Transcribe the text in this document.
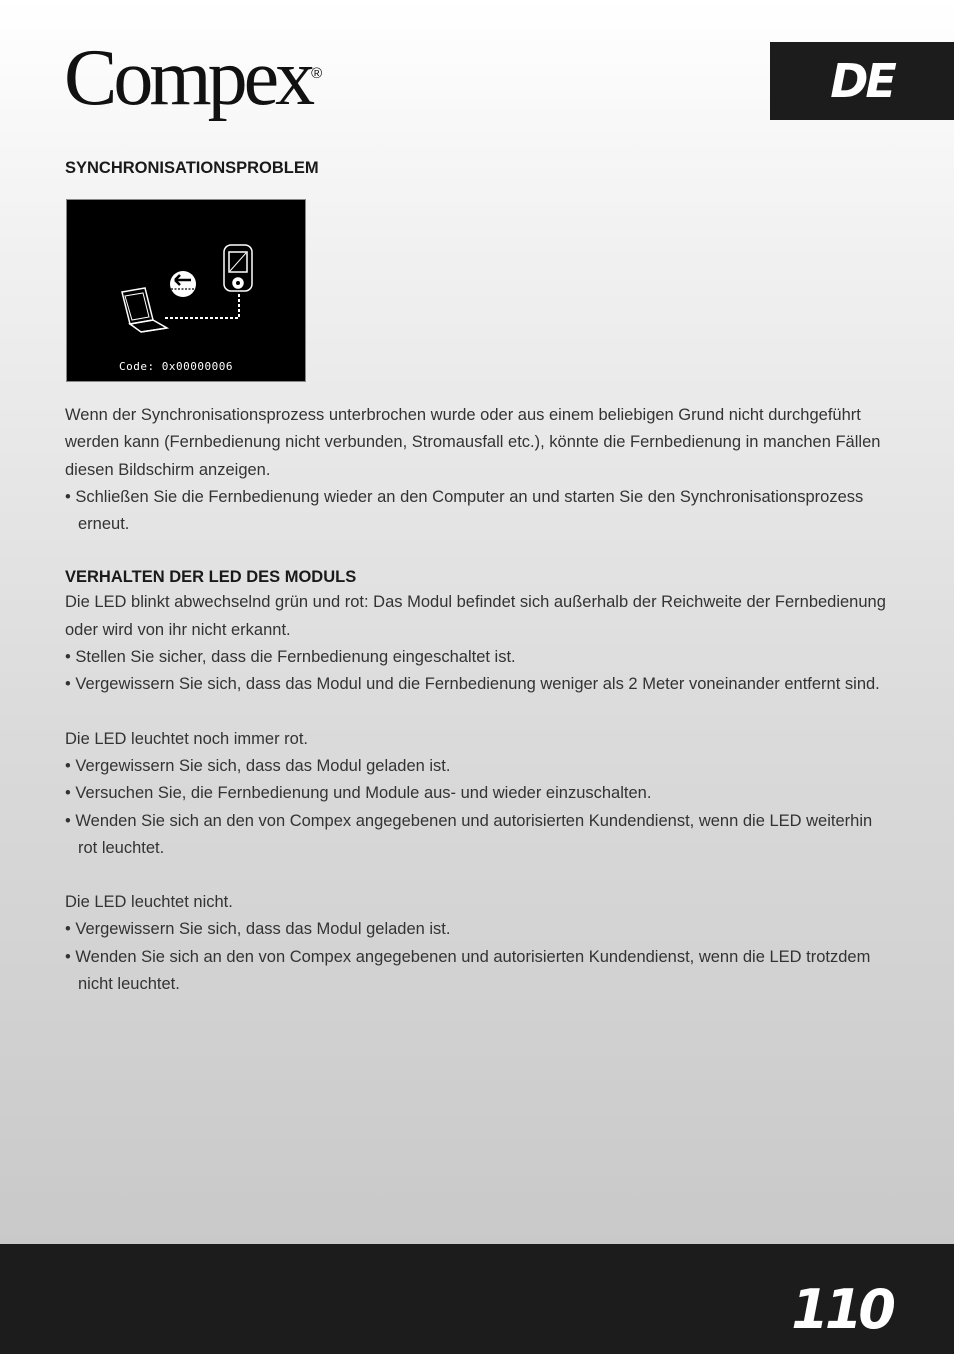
Compex®	DE
SYNCHRONISATIONSPROBLEM
Code: 0x00000006

Wenn der Synchronisationsprozess unterbrochen wurde oder aus einem beliebigen Grund nicht durchgeführt werden kann (Fernbedienung nicht verbunden, Stromausfall etc.), könnte die Fernbedienung in manchen Fällen diesen Bildschirm anzeigen.

• Schließen Sie die Fernbedienung wieder an den Computer an und starten Sie den Synchronisationsprozess erneut.
VERHALTEN DER LED DES MODULS

Die LED blinkt abwechselnd grün und rot: Das Modul befindet sich außerhalb der Reichweite der Fernbedienung oder wird von ihr nicht erkannt.

• Stellen Sie sicher, dass die Fernbedienung eingeschaltet ist.
• Vergewissern Sie sich, dass das Modul und die Fernbedienung weniger als 2 Meter voneinander entfernt sind.

Die LED leuchtet noch immer rot.

• Vergewissern Sie sich, dass das Modul geladen ist.
• Versuchen Sie, die Fernbedienung und Module aus- und wieder einzuschalten.
• Wenden Sie sich an den von Compex angegebenen und autorisierten Kundendienst, wenn die LED weiterhin rot leuchtet.

Die LED leuchtet nicht.

• Vergewissern Sie sich, dass das Modul geladen ist.
• Wenden Sie sich an den von Compex angegebenen und autorisierten Kundendienst, wenn die LED trotzdem nicht leuchtet.
110
